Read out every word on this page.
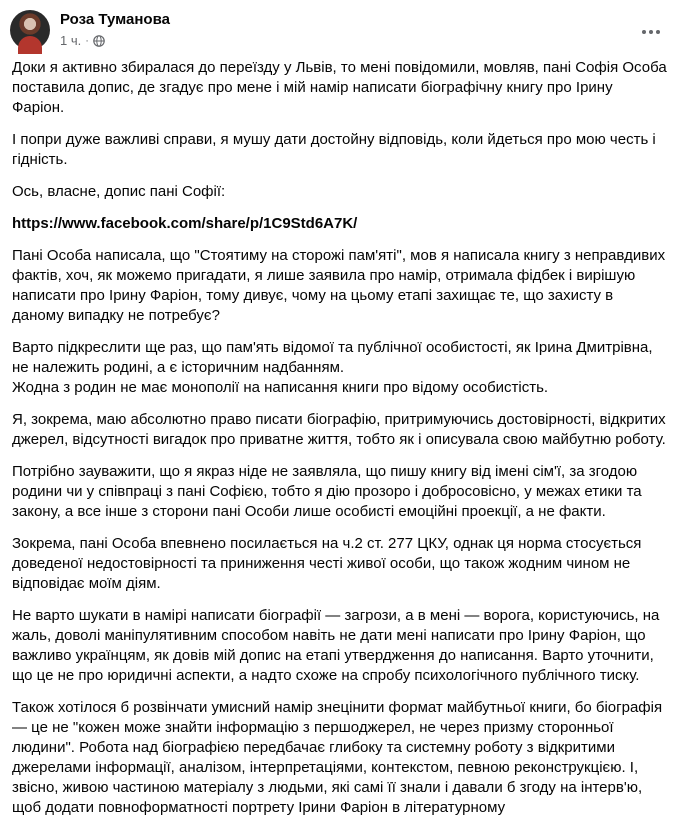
Роза Туманова
1 ч. ·

Доки я активно збиралася до переїзду у Львів, то мені повідомили, мовляв, пані Софія Особа поставила допис, де згадує про мене і мій намір написати біографічну книгу про Ірину Фаріон.

І попри дуже важливі справи, я мушу дати достойну відповідь, коли йдеться про мою честь і гідність.

Ось, власне, допис пані Софії:

https://www.facebook.com/share/p/1C9Std6A7K/

Пані Особа написала, що "Стоятиму на сторожі пам'яті", мов я написала книгу з неправдивих фактів, хоч, як можемо пригадати, я лише заявила про намір, отримала фідбек і вирішую написати про Ірину Фаріон, тому дивує, чому на цьому етапі захищає те, що захисту в даному випадку не потребує?

Варто підкреслити ще раз, що пам'ять відомої та публічної особистості, як Ірина Дмитрівна, не належить родині, а є історичним надбанням.
Жодна з родин не має монополії на написання книги про відому особистість.

Я, зокрема, маю абсолютно право писати біографію, притримуючись достовірності, відкритих джерел, відсутності вигадок про приватне життя, тобто як і описувала свою майбутню роботу.

Потрібно зауважити, що я якраз ніде не заявляла, що пишу книгу від імені сім'ї, за згодою родини чи у співпраці з пані Софією, тобто я дію прозоро і доброcовісно, у межах етики та закону, а все інше з сторони пані Особи лише особисті емоційні проекції, а не факти.

Зокрема, пані Особа впевнено посилається на ч.2 ст. 277 ЦКУ, однак ця норма стосується доведеної недостовірності та приниження честі живої особи, що також жодним чином не відповідає моїм діям.

Не варто шукати в намірі написати біографії — загрози, а в мені — ворога, користуючись, на жаль, доволі маніпулятивним способом навіть не дати мені написати про Ірину Фаріон, що важливо українцям, як довів мій допис на етапі утвердження до написання. Варто уточнити, що це не про юридичні аспекти, а надто схоже на спробу психологічного публічного тиску.

Також хотілося б розвінчати умисний намір знецінити формат майбутньої книги, бо біографія — це не "кожен може знайти інформацію з першоджерел, не через призму сторонньої людини". Робота над біографією передбачає глибоку та системну роботу з відкритими джерелами інформації, аналізом, інтерпретаціями, контекстом, певною реконструкцією. І, звісно, живою частиною матеріалу з людьми, які самі її знали і давали б згоду на інтерв'ю, щоб додати повноформатності портрету Ірини Фаріон в літературному
